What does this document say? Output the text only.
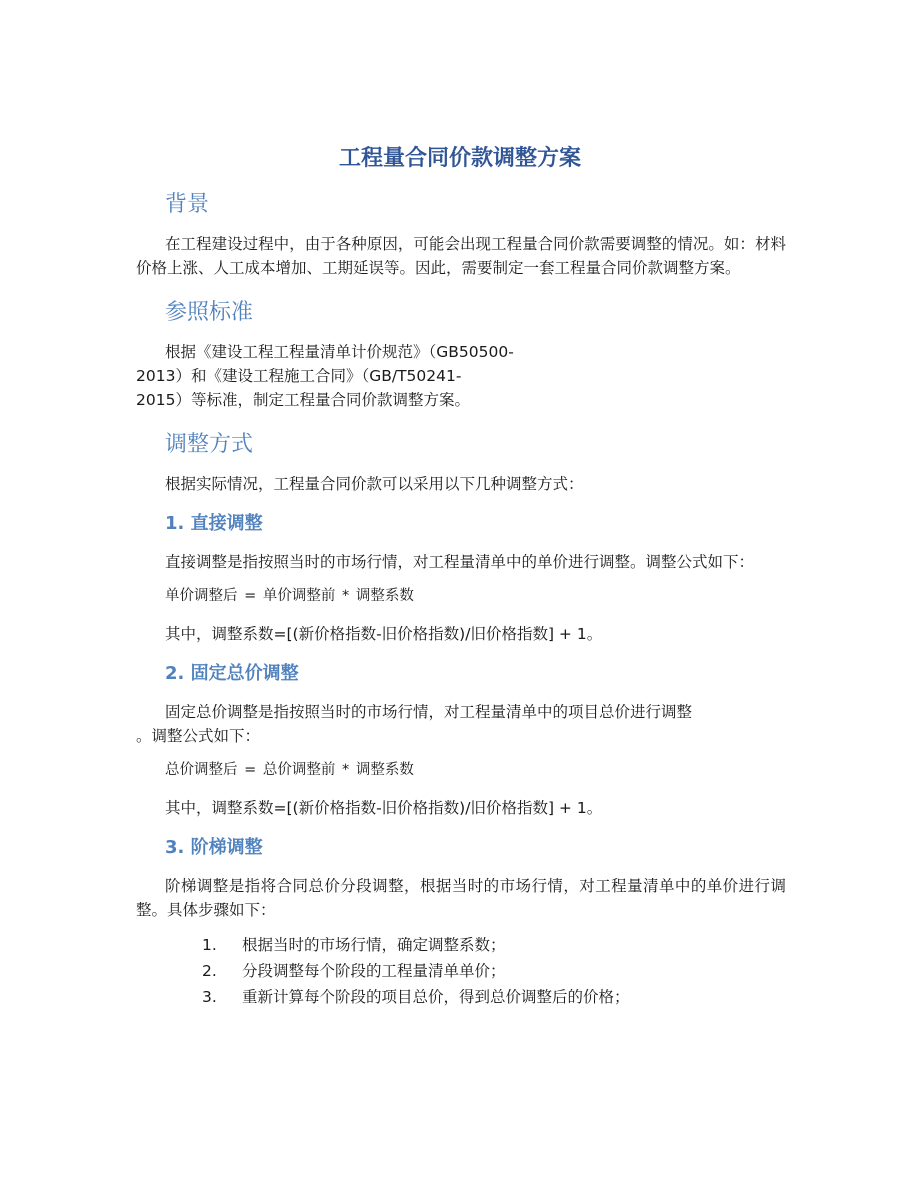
工程量合同价款调整方案
背景

在工程建设过程中，由于各种原因，可能会出现工程量合同价款需要调整的情况。如：材料价格上涨、人工成本增加、工期延误等。因此，需要制定一套工程量合同价款调整方案。

参照标准

根据《建设工程工程量清单计价规范》（GB50500-

2013）和《建设工程施工合同》（GB/T50241-

2015）等标准，制定工程量合同价款调整方案。

调整方式

根据实际情况，工程量合同价款可以采用以下几种调整方式：

1. 直接调整

直接调整是指按照当时的市场行情，对工程量清单中的单价进行调整。调整公式如下：

单价调整后 = 单价调整前 * 调整系数

其中，调整系数=[(新价格指数-旧价格指数)/旧价格指数] + 1。

2. 固定总价调整

固定总价调整是指按照当时的市场行情，对工程量清单中的项目总价进行调整

。调整公式如下：

总价调整后 = 总价调整前 * 调整系数

其中，调整系数=[(新价格指数-旧价格指数)/旧价格指数] + 1。

3. 阶梯调整

阶梯调整是指将合同总价分段调整，根据当时的市场行情，对工程量清单中的单价进行调整。具体步骤如下：

1. 根据当时的市场行情，确定调整系数；
2. 分段调整每个阶段的工程量清单单价；
3. 重新计算每个阶段的项目总价，得到总价调整后的价格；
